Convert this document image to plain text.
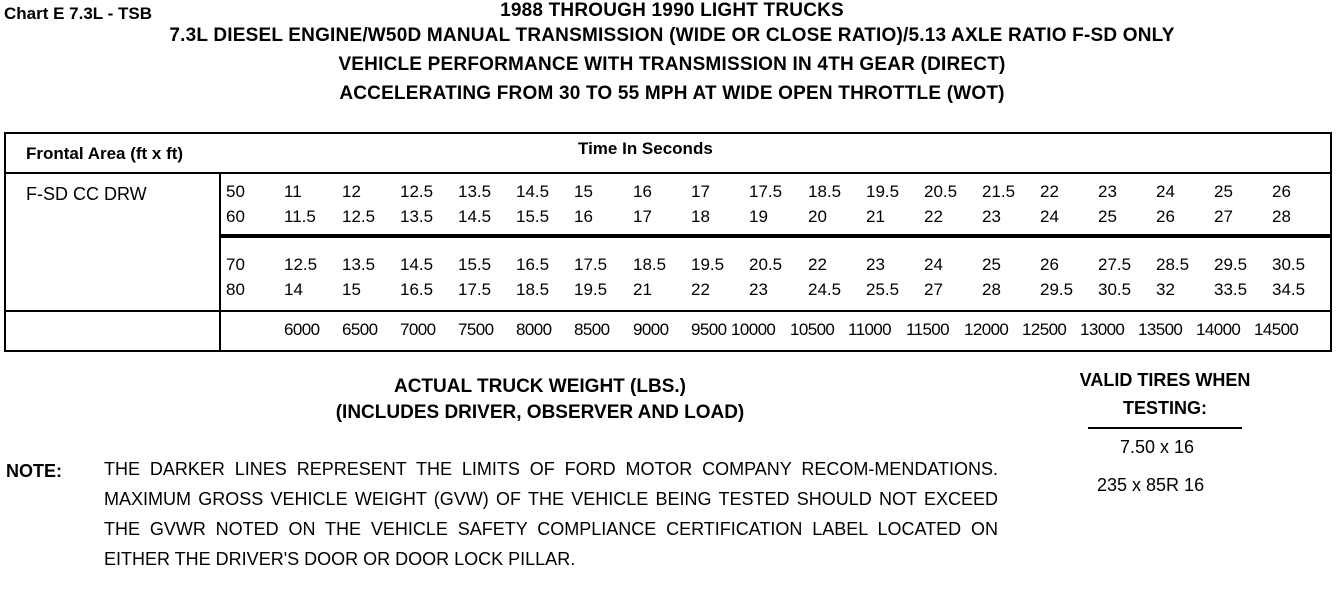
Chart E 7.3L - TSB	1988 THROUGH 1990 LIGHT TRUCKS
7.3L DIESEL ENGINE/W50D MANUAL TRANSMISSION (WIDE OR CLOSE RATIO)/5.13 AXLE RATIO F-SD ONLY
VEHICLE PERFORMANCE WITH TRANSMISSION IN 4TH GEAR (DIRECT)
ACCELERATING FROM 30 TO 55 MPH AT WIDE OPEN THROTTLE (WOT)
Frontal Area (ft x ft)	Time In Seconds
F-SD CC DRW	50 11 12 12.5 13.5 14.5 15 16 17 17.5 18.5 19.5 20.5 21.5 22 23 24 25 26
60 11.5 12.5 13.5 14.5 15.5 16 17 18 19 20 21 22 23 24 25 26 27 28
70 12.5 13.5 14.5 15.5 16.5 17.5 18.5 19.5 20.5 22 23 24 25 26 27.5 28.5 29.5 30.5
80 14 15 16.5 17.5 18.5 19.5 21 22 23 24.5 25.5 27 28 29.5 30.5 32 33.5 34.5
6000 6500 7000 7500 8000 8500 9000 9500 10000 10500 11000 11500 12000 12500 13000 13500 14000 14500
ACTUAL TRUCK WEIGHT (LBS.)
(INCLUDES DRIVER, OBSERVER AND LOAD)
NOTE: THE DARKER LINES REPRESENT THE LIMITS OF FORD MOTOR COMPANY RECOM-MENDATIONS. MAXIMUM GROSS VEHICLE WEIGHT (GVW) OF THE VEHICLE BEING TESTED SHOULD NOT EXCEED THE GVWR NOTED ON THE VEHICLE SAFETY COMPLIANCE CERTIFICATION LABEL LOCATED ON EITHER THE DRIVER'S DOOR OR DOOR LOCK PILLAR.
VALID TIRES WHEN
TESTING:
7.50 x 16
235 x 85R 16
